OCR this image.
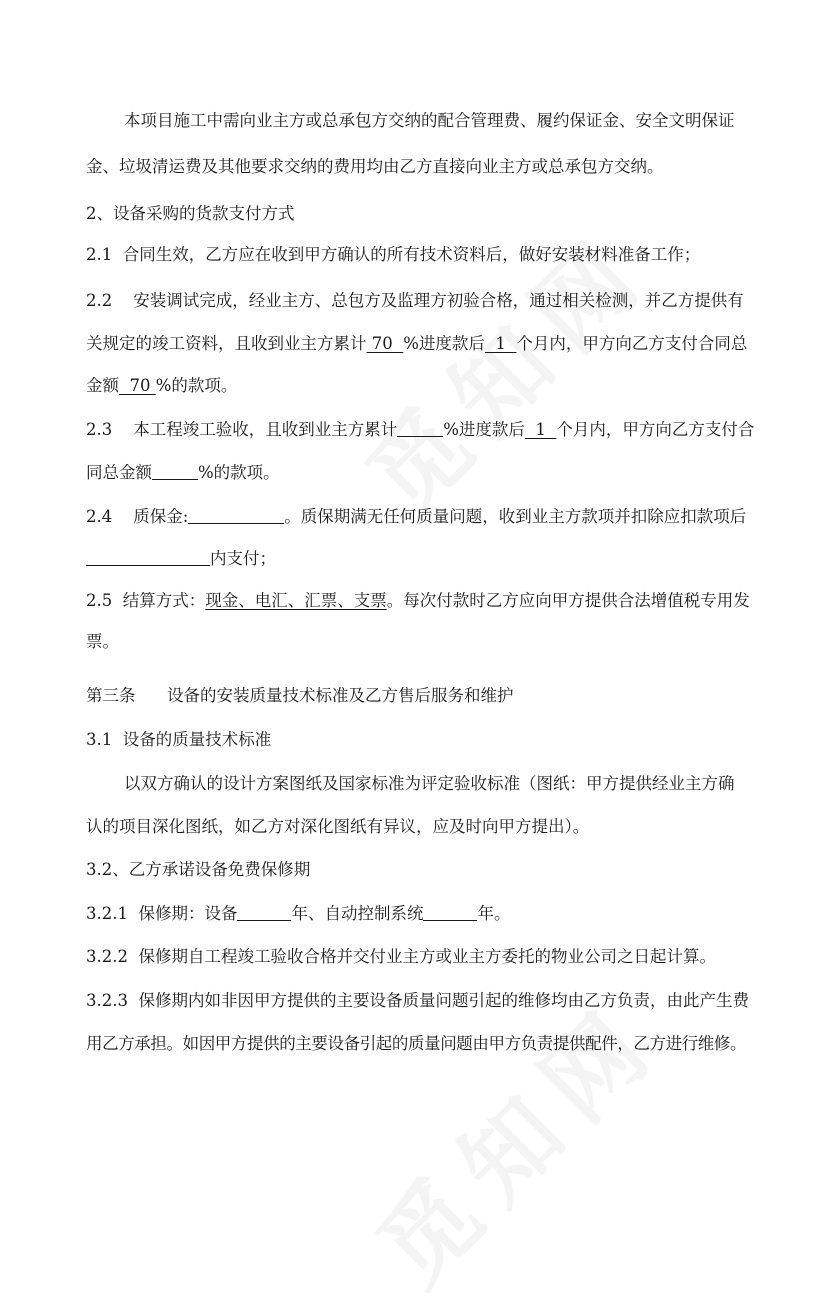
本项目施工中需向业主方或总承包方交纳的配合管理费、履约保证金、安全文明保证
金、垃圾清运费及其他要求交纳的费用均由乙方直接向业主方或总承包方交纳。
2、设备采购的货款支付方式
2.1  合同生效，乙方应在收到甲方确认的所有技术资料后，做好安装材料准备工作；
2.2    安装调试完成，经业主方、总包方及监理方初验合格，通过相关检测，并乙方提供有
关规定的竣工资料，且收到业主方累计 70  %进度款后  1  个月内，甲方向乙方支付合同总
金额  70 %的款项。
2.3    本工程竣工验收，且收到业主方累计	%进度款后  1  个月内，甲方向乙方支付合
同总金额	%的款项。
2.4    质保金:	。质保期满无任何质量问题，收到业主方款项并扣除应扣款项后
内支付；
2.5  结算方式：现金、电汇、汇票、支票。每次付款时乙方应向甲方提供合法增值税专用发
票。
第三条      设备的安装质量技术标准及乙方售后服务和维护
3.1  设备的质量技术标准
以双方确认的设计方案图纸及国家标准为评定验收标准（图纸：甲方提供经业主方确
认的项目深化图纸，如乙方对深化图纸有异议，应及时向甲方提出）。
3.2、乙方承诺设备免费保修期
3.2.1  保修期：设备	年、自动控制系统	年。
3.2.2  保修期自工程竣工验收合格并交付业主方或业主方委托的物业公司之日起计算。
3.2.3  保修期内如非因甲方提供的主要设备质量问题引起的维修均由乙方负责，由此产生费
用乙方承担。如因甲方提供的主要设备引起的质量问题由甲方负责提供配件，乙方进行维修。
